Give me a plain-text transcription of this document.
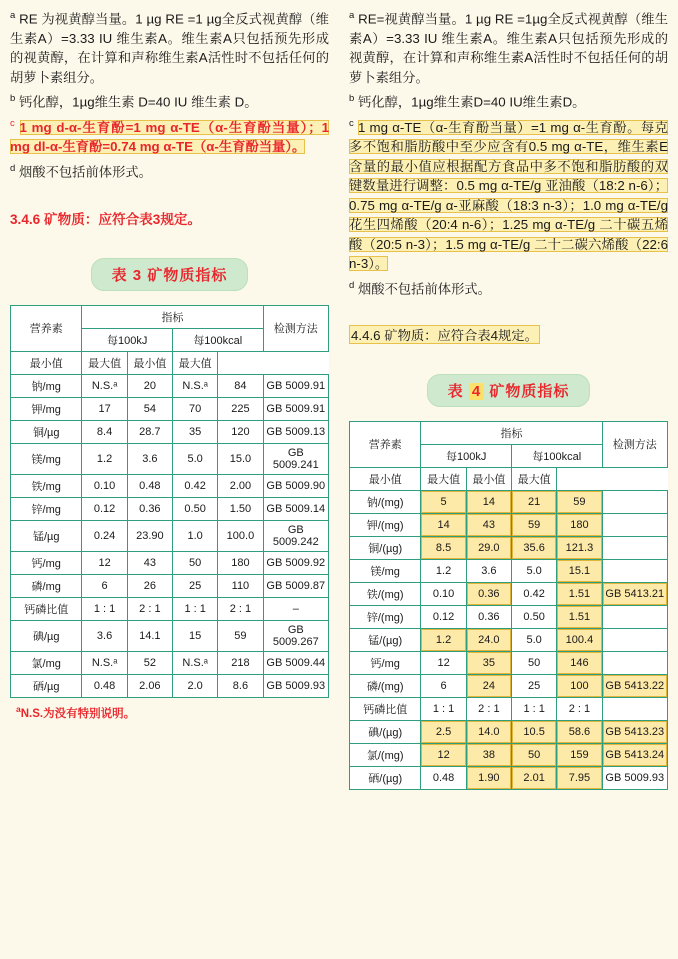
$^a$ RE 为视黄醇当量。1 µg RE =1 µg全反式视黄醇（维生素A）=3.33 IU 维生素A。维生素A只包括预先形成的视黄醇，在计算和声称维生素A活性时不包括任何的胡萝卜素组分。

$^b$ 钙化醇，1µg维生素 D=40 IU 维生素 D。

$^c$ 1 mg d-α-生育酚=1 mg α-TE（α-生育酚当量）；1 mg dl-α-生育酚=0.74 mg α-TE（α-生育酚当量）。

$^d$ 烟酸不包括前体形式。

3.4.6 矿物质：应符合表3规定。

表 3 矿物质指标
营养素	指标				检测方法
	每100kJ		每100kcal		
最小值	最大值	最小值	最大值		
钠/mg	N.S.ᵃ	20	N.S.ᵃ	84	GB 5009.91
钾/mg	17	54	70	225	GB 5009.91
铜/µg	8.4	28.7	35	120	GB 5009.13
镁/mg	1.2	3.6	5.0	15.0	GB 5009.241
铁/mg	0.10	0.48	0.42	2.00	GB 5009.90
锌/mg	0.12	0.36	0.50	1.50	GB 5009.14
锰/µg	0.24	23.90	1.0	100.0	GB 5009.242
钙/mg	12	43	50	180	GB 5009.92
磷/mg	6	26	25	110	GB 5009.87
钙磷比值	1 : 1	2 : 1	1 : 1	2 : 1	–
碘/µg	3.6	14.1	15	59	GB 5009.267
氯/mg	N.S.ᵃ	52	N.S.ᵃ	218	GB 5009.44
硒/µg	0.48	2.06	2.0	8.6	GB 5009.93
$^a$N.S.为没有特别说明。

$^a$ RE=视黄醇当量。1 µg RE =1µg全反式视黄醇（维生素A）=3.33 IU 维生素A。维生素A只包括预先形成的视黄醇，在计算和声称维生素A活性时不包括任何的胡萝卜素组分。

$^b$ 钙化醇，1µg维生素D=40 IU维生素D。

$^c$ 1 mg α-TE（α-生育酚当量）=1 mg α-生育酚。每克多不饱和脂肪酸中至少应含有0.5 mg α-TE，维生素E含量的最小值应根据配方食品中多不饱和脂肪酸的双键数量进行调整：0.5 mg α-TE/g 亚油酸（18:2 n-6）；0.75 mg α-TE/g α-亚麻酸（18:3 n-3）；1.0 mg α-TE/g 花生四烯酸（20:4 n-6）；1.25 mg α-TE/g 二十碳五烯酸（20:5 n-3）；1.5 mg α-TE/g 二十二碳六烯酸（22:6 n-3）。

$^d$ 烟酸不包括前体形式。

4.4.6 矿物质：应符合表4规定。

表 4 矿物质指标
营养素	指标				检测方法
	每100kJ		每100kcal		
最小值	最大值	最小值	最大值		
钠/(mg)	5	14	21	59	
钾/(mg)	14	43	59	180	
铜/(µg)	8.5	29.0	35.6	121.3	
镁/mg	1.2	3.6	5.0	15.1	
铁/(mg)	0.10	0.36	0.42	1.51	GB 5413.21
锌/(mg)	0.12	0.36	0.50	1.51	
锰/(µg)	1.2	24.0	5.0	100.4	
钙/mg	12	35	50	146	
磷/(mg)	6	24	25	100	GB 5413.22
钙磷比值	1 : 1	2 : 1	1 : 1	2 : 1	
碘/(µg)	2.5	14.0	10.5	58.6	GB 5413.23
氯/(mg)	12	38	50	159	GB 5413.24
硒/(µg)	0.48	1.90	2.01	7.95	GB 5009.93
